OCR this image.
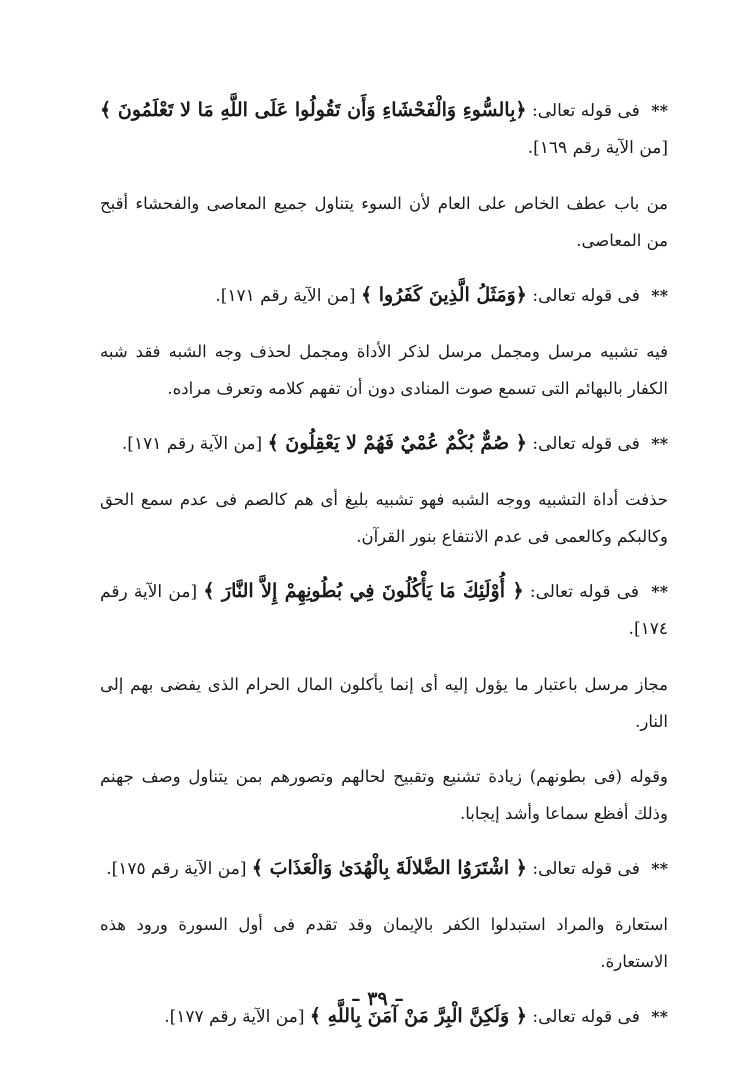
** فى قوله تعالى: ﴿بِالسُّوءِ وَالْفَحْشَاءِ وَأَن تَقُولُوا عَلَى اللَّهِ مَا لا تَعْلَمُونَ ﴾ [من الآية رقم ١٦٩].
من باب عطف الخاص على العام لأن السوء يتناول جميع المعاصى والفحشاء أقبح من المعاصى.
** فى قوله تعالى: ﴿وَمَثَلُ الَّذِينَ كَفَرُوا ﴾ [من الآية رقم ١٧١].
فيه تشبيه مرسل ومجمل مرسل لذكر الأداة ومجمل لحذف وجه الشبه فقد شبه الكفار بالبهائم التى تسمع صوت المنادى دون أن تفهم كلامه وتعرف مراده.
** فى قوله تعالى: ﴿ صُمٌّ بُكْمٌ عُمْيٌ فَهُمْ لا يَعْقِلُونَ ﴾ [من الآية رقم ١٧١].
حذفت أداة التشبيه ووجه الشبه فهو تشبيه بليغ أى هم كالصم فى عدم سمع الحق وكالبكم وكالعمى فى عدم الانتفاع بنور القرآن.
** فى قوله تعالى: ﴿ أُوْلَئِكَ مَا يَأْكُلُونَ فِي بُطُونِهِمْ إِلاَّ النَّارَ ﴾ [من الآية رقم ١٧٤].
مجاز مرسل باعتبار ما يؤول إليه أى إنما يأكلون المال الحرام الذى يفضى بهم إلى النار.
وقوله (فى بطونهم) زيادة تشنيع وتقبيح لحالهم وتصورهم بمن يتناول وصف جهنم وذلك أفظع سماعا وأشد إيجابا.
** فى قوله تعالى: ﴿ اشْتَرَوُا الضَّلالَةَ بِالْهُدَىٰ وَالْعَذَابَ ﴾ [من الآية رقم ١٧٥].
استعارة والمراد استبدلوا الكفر بالإيمان وقد تقدم فى أول السورة ورود هذه الاستعارة.
** فى قوله تعالى: ﴿ وَلَكِنَّ الْبِرَّ مَنْ آمَنَ بِاللَّهِ ﴾ [من الآية رقم ١٧٧].
– ٣٩ –
